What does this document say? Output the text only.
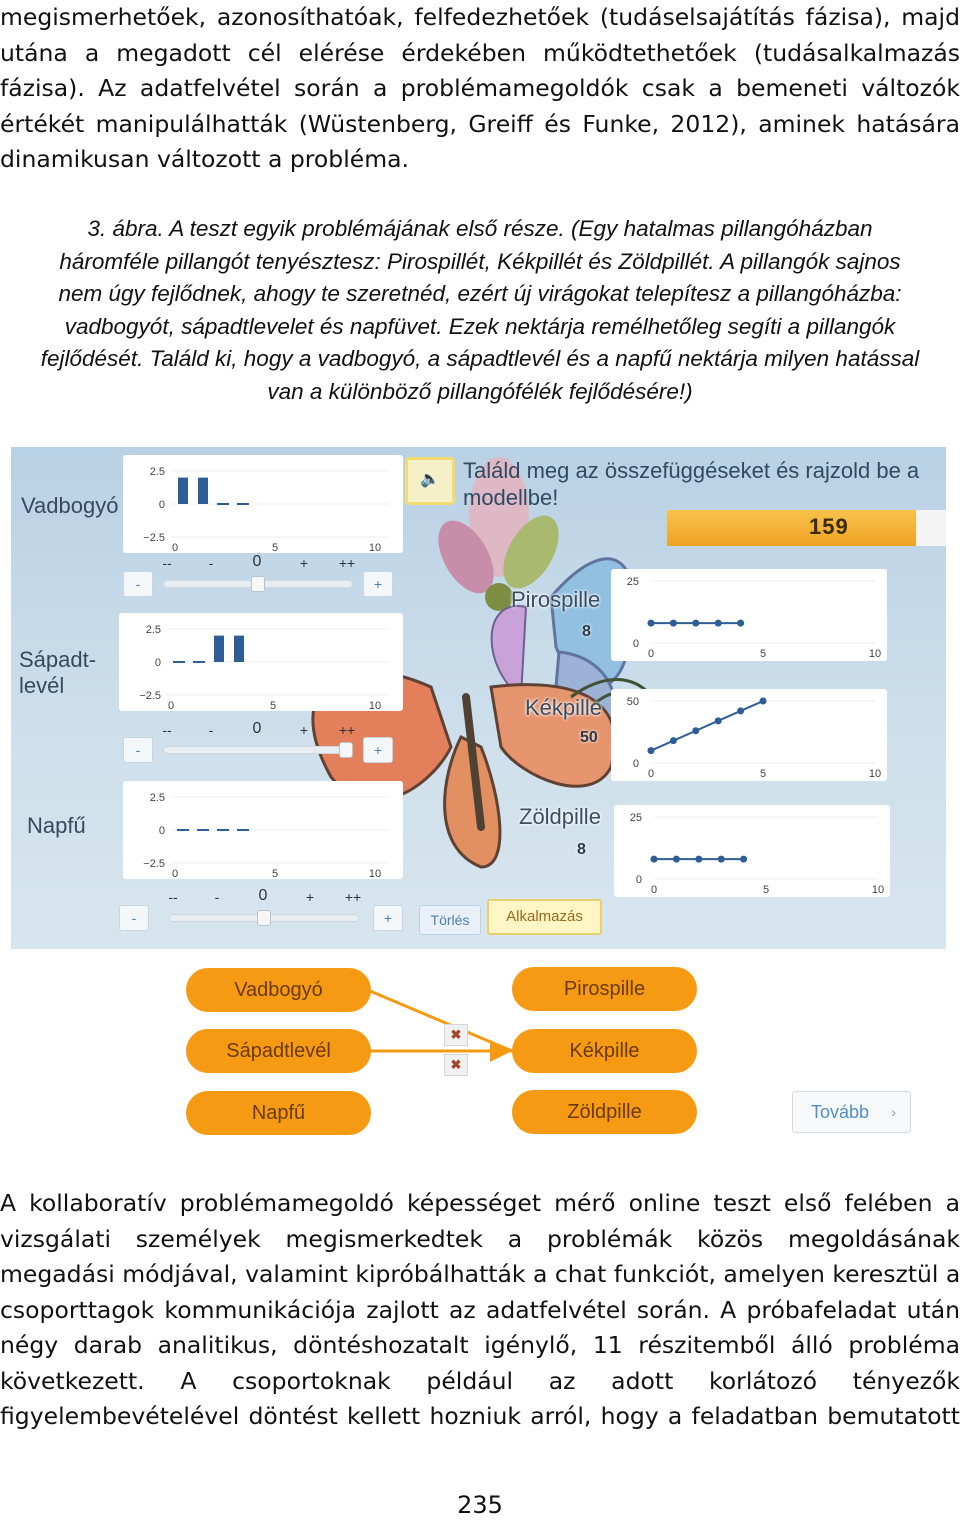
megismerhetőek, azonosíthatóak, felfedezhetőek (tudáselsajátítás fázisa), majd
utána a megadott cél elérése érdekében működtethetőek (tudásalkalmazás
fázisa). Az adatfelvétel során a problémamegoldók csak a bemeneti változók
értékét manipulálhatták (Wüstenberg, Greiff és Funke, 2012), aminek hatására
dinamikusan változott a probléma.
3. ábra. A teszt egyik problémájának első része. (Egy hatalmas pillangóházban
háromféle pillangót tenyésztesz: Pirospillét, Kékpillét és Zöldpillét. A pillangók sajnos
nem úgy fejlődnek, ahogy te szeretnéd, ezért új virágokat telepítesz a pillangóházba:
vadbogyót, sápadtlevelet és napfüvet. Ezek nektárja remélhetőleg segíti a pillangók
fejlődését. Találd ki, hogy a vadbogyó, a sápadtlevél és a napfű nektárja milyen hatással
van a különböző pillangófélék fejlődésére!)
Vadbogyó
Sápadt-
levél
Napfű
2.5
0
−2.5
0	5	10
2.5
0
−2.5
0	5	10
2.5
0
−2.5
0	5	10
--	- 0	+ ++
--	- 0	+ ++
--	- 0	+ ++
-	+
-	+
-	+
🔈	Találd meg az összefüggéseket és rajzold be a modellbe!
159
Pirospille
8
Kékpille
50
Zöldpille
8
25
0
0	5	10
50
0
0	5	10
25
0
0	5	10
Törlés	Alkalmazás
Vadbogyó
Sápadtlevél
Napfű
Pirospille
Kékpille
Zöldpille
✖
✖
Tovább ›
A kollaboratív problémamegoldó képességet mérő online teszt első felében a
vizsgálati személyek megismerkedtek a problémák közös megoldásának
megadási módjával, valamint kipróbálhatták a chat funkciót, amelyen keresztül a
csoporttagok kommunikációja zajlott az adatfelvétel során. A próbafeladat után
négy darab analitikus, döntéshozatalt igénylő, 11 részitemből álló probléma
következett. A csoportoknak például az adott korlátozó tényezők
figyelembevételével döntést kellett hozniuk arról, hogy a feladatban bemutatott
235
